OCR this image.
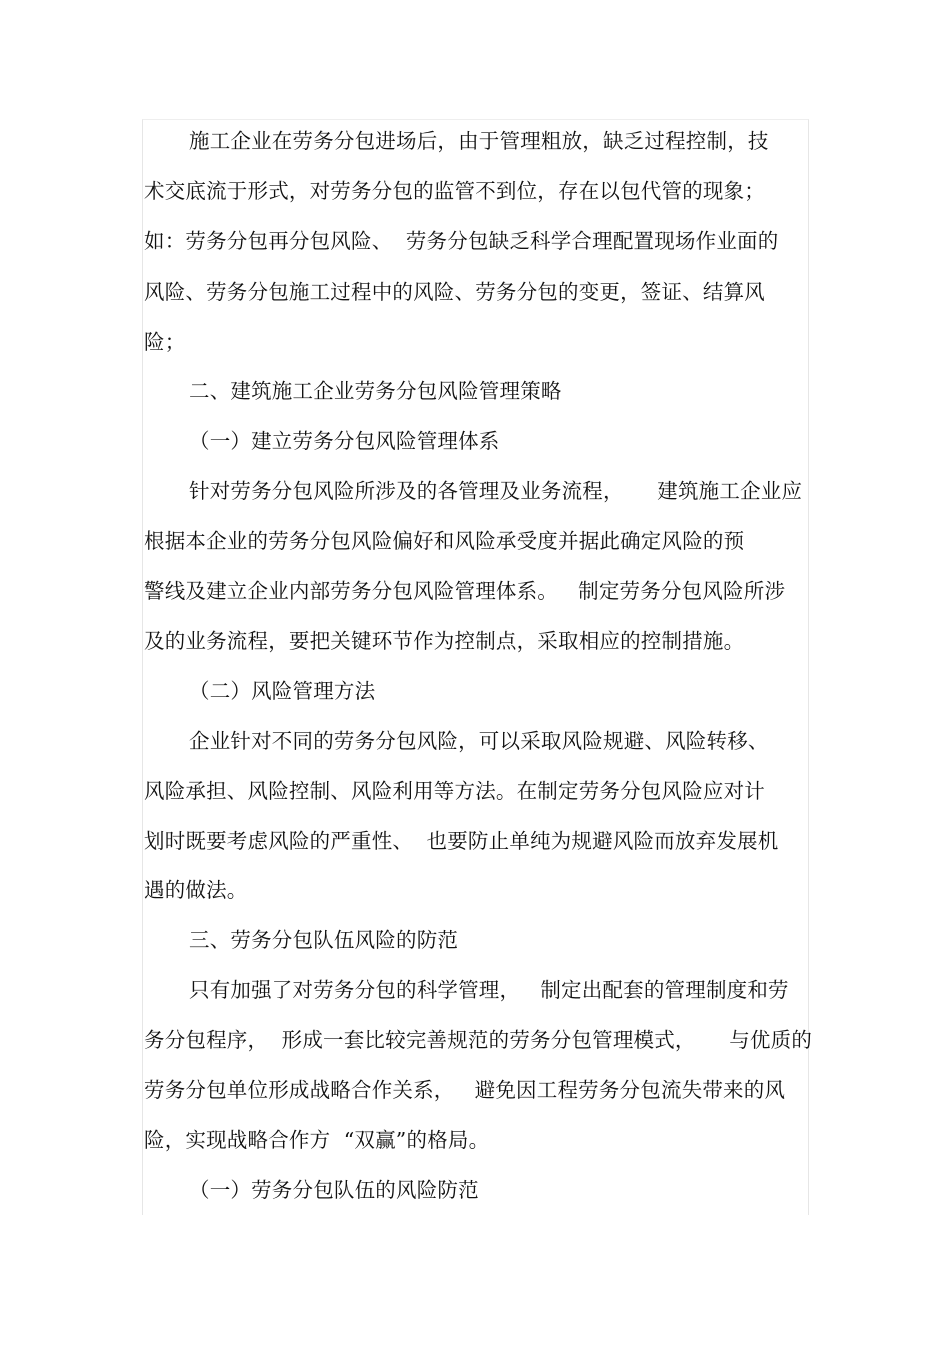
施工企业在劳务分包进场后，由于管理粗放，缺乏过程控制，技
术交底流于形式，对劳务分包的监管不到位，存在以包代管的现象；
如：劳务分包再分包风险、  劳务分包缺乏科学合理配置现场作业面的
风险、劳务分包施工过程中的风险、劳务分包的变更，签证、结算风
险；
二、建筑施工企业劳务分包风险管理策略
（一）建立劳务分包风险管理体系
针对劳务分包风险所涉及的各管理及业务流程，     建筑施工企业应
根据本企业的劳务分包风险偏好和风险承受度并据此确定风险的预
警线及建立企业内部劳务分包风险管理体系。   制定劳务分包风险所涉
及的业务流程，要把关键环节作为控制点，采取相应的控制措施。
（二）风险管理方法
企业针对不同的劳务分包风险，可以采取风险规避、风险转移、
风险承担、风险控制、风险利用等方法。在制定劳务分包风险应对计
划时既要考虑风险的严重性、  也要防止单纯为规避风险而放弃发展机
遇的做法。
三、劳务分包队伍风险的防范
只有加强了对劳务分包的科学管理，   制定出配套的管理制度和劳
务分包程序，  形成一套比较完善规范的劳务分包管理模式，     与优质的
劳务分包单位形成战略合作关系，   避免因工程劳务分包流失带来的风
险，实现战略合作方  “双赢”的格局。
（一）劳务分包队伍的风险防范
